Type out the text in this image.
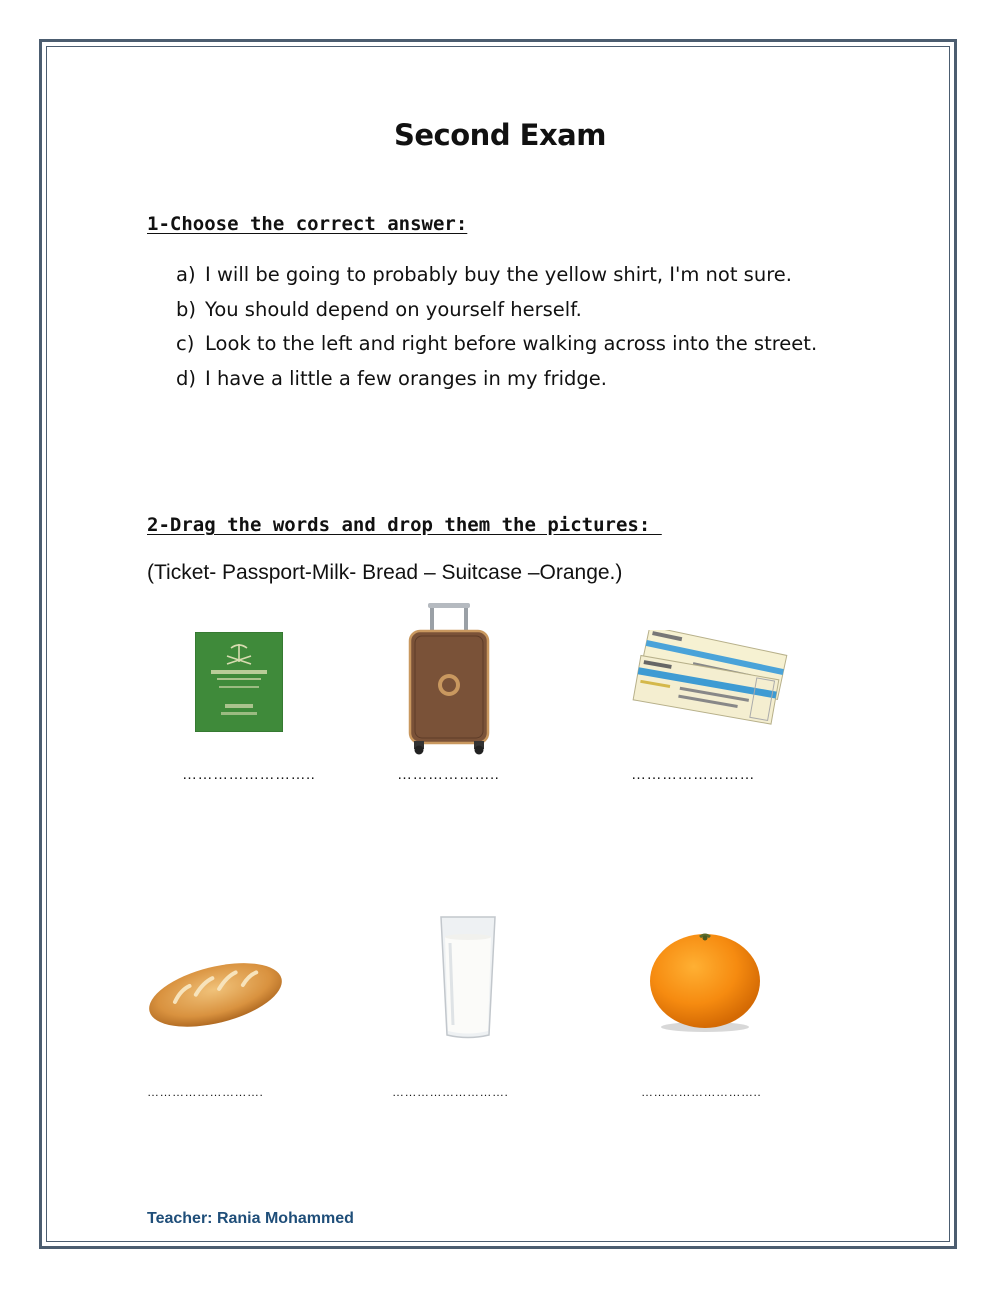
Second Exam
1-Choose the correct answer:
a) I will be going to probably buy the yellow shirt, I'm not sure.
b) You should depend on yourself herself.
c) Look to the left and right before walking across into the street.
d) I have a little a few oranges in my fridge.
2-Drag the words and drop them the pictures:
(Ticket- Passport-Milk- Bread – Suitcase –Orange.)
……………………..	………………..	……………………
……………………….	……………………….	………………………..
Teacher: Rania Mohammed
